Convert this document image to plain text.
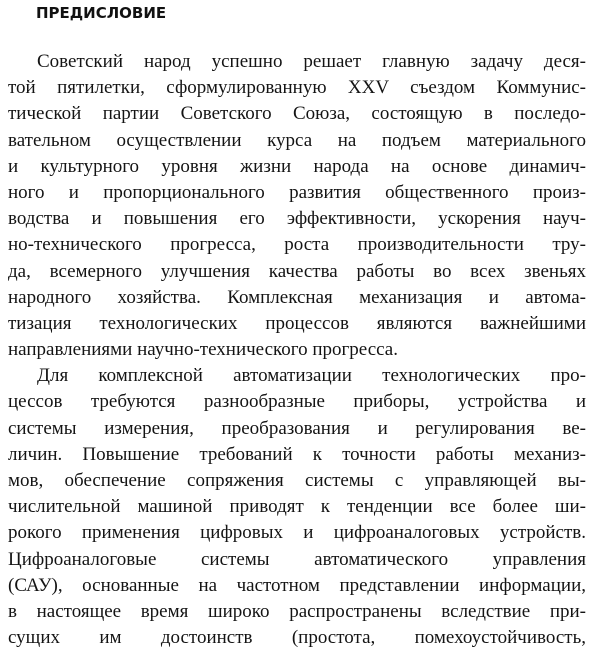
ПРЕДИСЛОВИЕ
Советский народ успешно решает главную задачу деся-
той пятилетки, сформулированную XXV съездом Коммунис-
тической партии Советского Союза, состоящую в последо-
вательном осуществлении курса на подъем материального
и культурного уровня жизни народа на основе динамич-
ного и пропорционального развития общественного произ-
водства и повышения его эффективности, ускорения науч-
но-технического прогресса, роста производительности тру-
да, всемерного улучшения качества работы во всех звеньях
народного хозяйства. Комплексная механизация и автома-
тизация технологических процессов являются важнейшими
направлениями научно-технического прогресса.
Для комплексной автоматизации технологических про-
цессов требуются разнообразные приборы, устройства и
системы измерения, преобразования и регулирования ве-
личин. Повышение требований к точности работы механиз-
мов, обеспечение сопряжения системы с управляющей вы-
числительной машиной приводят к тенденции все более ши-
рокого применения цифровых и цифроаналоговых устройств.
Цифроаналоговые системы автоматического управления
(САУ), основанные на частотном представлении информации,
в настоящее время широко распространены вследствие при-
сущих им достоинств (простота, помехоустойчивость,
